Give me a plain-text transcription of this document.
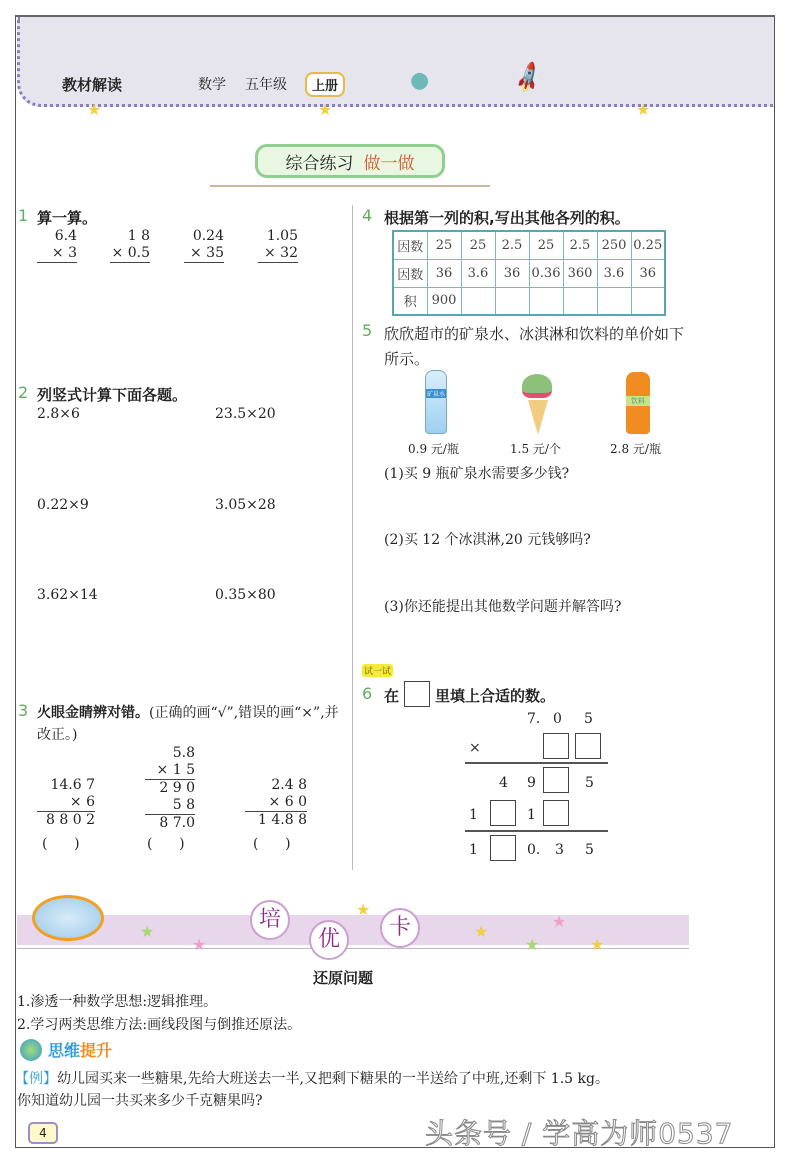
教材解读	数学 五年级	上册	●	🚀
★	★	★
综合练习 做一做
1 算一算。
6.4
× 3
1 8
× 0.5
0.24
× 35
1.05
× 32
2 列竖式计算下面各题。
2.8×6	23.5×20
0.22×9	3.05×28
3.62×14	0.35×80
3 火眼金睛辨对错。(正确的画“√”,错误的画“×”,并改正。)
14.6 7
× 6
8 8 0 2
5.8
× 1 5
2 9 0
5 8
8 7.0
2.4 8
× 6 0
1 4.8 8
(      )	(      )	(      )
4 根据第一列的积,写出其他各列的积。
因数	25	25	2.5	25	2.5	250	0.25
因数	36	3.6	36	0.36	360	3.6	36
积	900						
5 欣欣超市的矿泉水、冰淇淋和饮料的单价如下所示。
矿泉水
饮料
0.9 元/瓶	1.5 元/个	2.8 元/瓶
(1)买 9 瓶矿泉水需要多少钱?
(2)买 12 个冰淇淋,20 元钱够吗?
(3)你还能提出其他数学问题并解答吗?
试一试
6 在 里填上合适的数。
7. 0 5
×
4 9	5
1	1
1	0. 3 5
培
优	卡
★
★
★
★
★
★
★
还原问题
1.渗透一种数学思想:逻辑推理。
2.学习两类思维方法:画线段图与倒推还原法。
思维提升
【例】幼儿园买来一些糖果,先给大班送去一半,又把剩下糖果的一半送给了中班,还剩下 1.5 kg。
你知道幼儿园一共买来多少千克糖果吗?
4	头条号 / 学高为师0537
